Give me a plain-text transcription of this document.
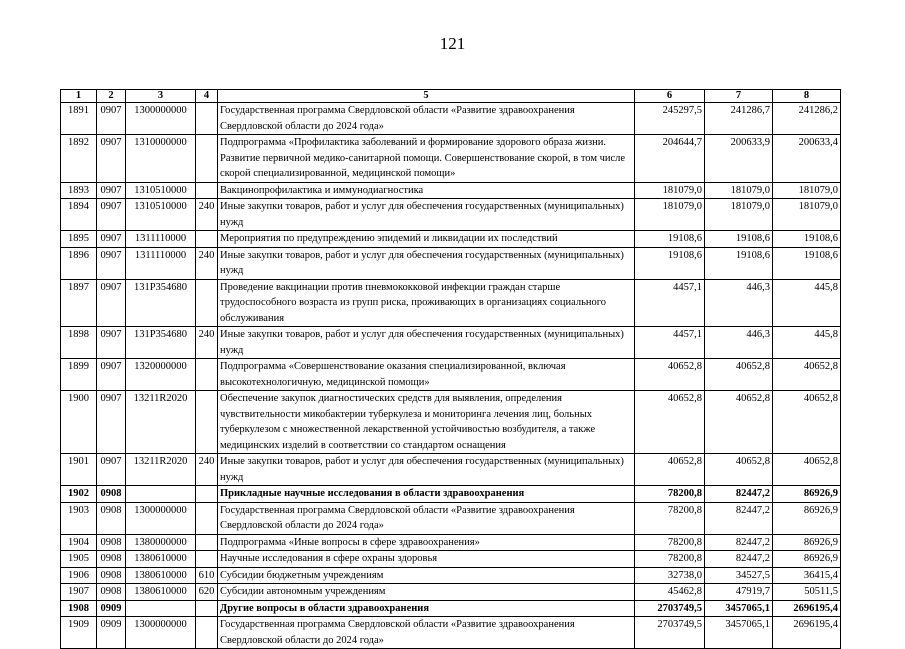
121
1	2	3	4	5	6	7	8
1891	0907	1300000000		Государственная программа Свердловской области «Развитие здравоохранения Свердловской области до 2024 года»	245297,5	241286,7	241286,2
1892	0907	1310000000		Подпрограмма «Профилактика заболеваний и формирование здорового образа жизни. Развитие первичной медико-санитарной помощи. Совершенствование скорой, в том числе скорой специализированной, медицинской помощи»	204644,7	200633,9	200633,4
1893	0907	1310510000		Вакцинопрофилактика и иммунодиагностика	181079,0	181079,0	181079,0
1894	0907	1310510000	240	Иные закупки товаров, работ и услуг для обеспечения государственных (муниципальных) нужд	181079,0	181079,0	181079,0
1895	0907	1311110000		Мероприятия по предупреждению эпидемий и ликвидации их последствий	19108,6	19108,6	19108,6
1896	0907	1311110000	240	Иные закупки товаров, работ и услуг для обеспечения государственных (муниципальных) нужд	19108,6	19108,6	19108,6
1897	0907	131P354680		Проведение вакцинации против пневмококковой инфекции граждан старше трудоспособного возраста из групп риска, проживающих в организациях социального обслуживания	4457,1	446,3	445,8
1898	0907	131P354680	240	Иные закупки товаров, работ и услуг для обеспечения государственных (муниципальных) нужд	4457,1	446,3	445,8
1899	0907	1320000000		Подпрограмма «Совершенствование оказания специализированной, включая высокотехнологичную, медицинской помощи»	40652,8	40652,8	40652,8
1900	0907	13211R2020		Обеспечение закупок диагностических средств для выявления, определения чувствительности микобактерии туберкулеза и мониторинга лечения лиц, больных туберкулезом с множественной лекарственной устойчивостью возбудителя, а также медицинских изделий в соответствии со стандартом оснащения	40652,8	40652,8	40652,8
1901	0907	13211R2020	240	Иные закупки товаров, работ и услуг для обеспечения государственных (муниципальных) нужд	40652,8	40652,8	40652,8
1902	0908			Прикладные научные исследования в области здравоохранения	78200,8	82447,2	86926,9
1903	0908	1300000000		Государственная программа Свердловской области «Развитие здравоохранения Свердловской области до 2024 года»	78200,8	82447,2	86926,9
1904	0908	1380000000		Подпрограмма «Иные вопросы в сфере здравоохранения»	78200,8	82447,2	86926,9
1905	0908	1380610000		Научные исследования в сфере охраны здоровья	78200,8	82447,2	86926,9
1906	0908	1380610000	610	Субсидии бюджетным учреждениям	32738,0	34527,5	36415,4
1907	0908	1380610000	620	Субсидии автономным учреждениям	45462,8	47919,7	50511,5
1908	0909			Другие вопросы в области здравоохранения	2703749,5	3457065,1	2696195,4
1909	0909	1300000000		Государственная программа Свердловской области «Развитие здравоохранения Свердловской области до 2024 года»	2703749,5	3457065,1	2696195,4
